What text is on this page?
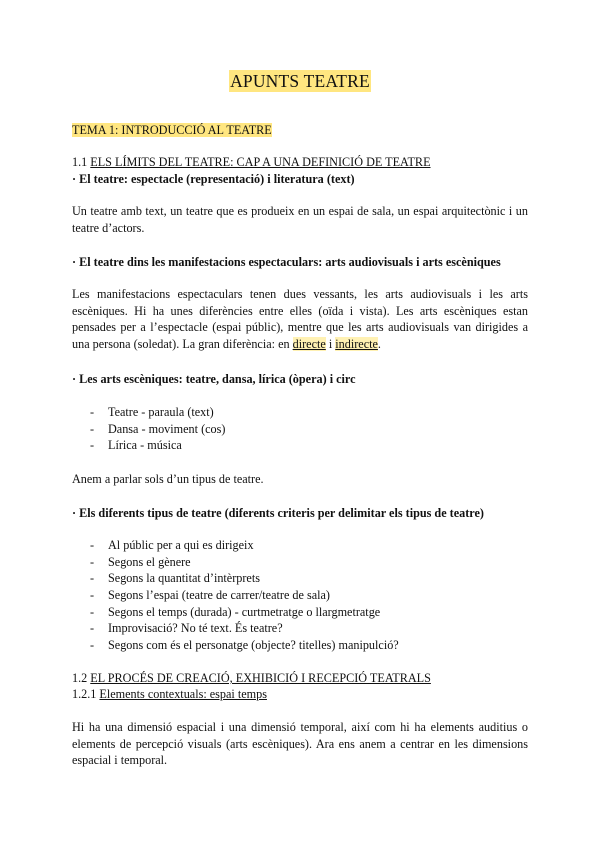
APUNTS TEATRE

TEMA 1: INTRODUCCIÓ AL TEATRE

1.1 ELS LÍMITS DEL TEATRE: CAP A UNA DEFINICIÓ DE TEATRE

· El teatre: espectacle (representació) i literatura (text)

Un teatre amb text, un teatre que es produeix en un espai de sala, un espai arquitectònic i un teatre d’actors.

· El teatre dins les manifestacions espectaculars: arts audiovisuals i arts escèniques

Les manifestacions espectaculars tenen dues vessants, les arts audiovisuals i les arts escèniques. Hi ha unes diferències entre elles (oïda i vista). Les arts escèniques estan pensades per a l’espectacle (espai públic), mentre que les arts audiovisuals van dirigides a una persona (soledat). La gran diferència: en directe i indirecte.

· Les arts escèniques: teatre, dansa, lírica (òpera) i circ

- Teatre - paraula (text)
- Dansa - moviment (cos)
- Lírica - música

Anem a parlar sols d’un tipus de teatre.

· Els diferents tipus de teatre (diferents criteris per delimitar els tipus de teatre)

- Al públic per a qui es dirigeix
- Segons el gènere
- Segons la quantitat d’intèrprets
- Segons l’espai (teatre de carrer/teatre de sala)
- Segons el temps (durada) - curtmetratge o llargmetratge
- Improvisació? No té text. És teatre?
- Segons com és el personatge (objecte? titelles) manipulció?

1.2 EL PROCÉS DE CREACIÓ, EXHIBICIÓ I RECEPCIÓ TEATRALS

1.2.1 Elements contextuals: espai temps

Hi ha una dimensió espacial i una dimensió temporal, així com hi ha elements auditius o elements de percepció visuals (arts escèniques). Ara ens anem a centrar en les dimensions espacial i temporal.
